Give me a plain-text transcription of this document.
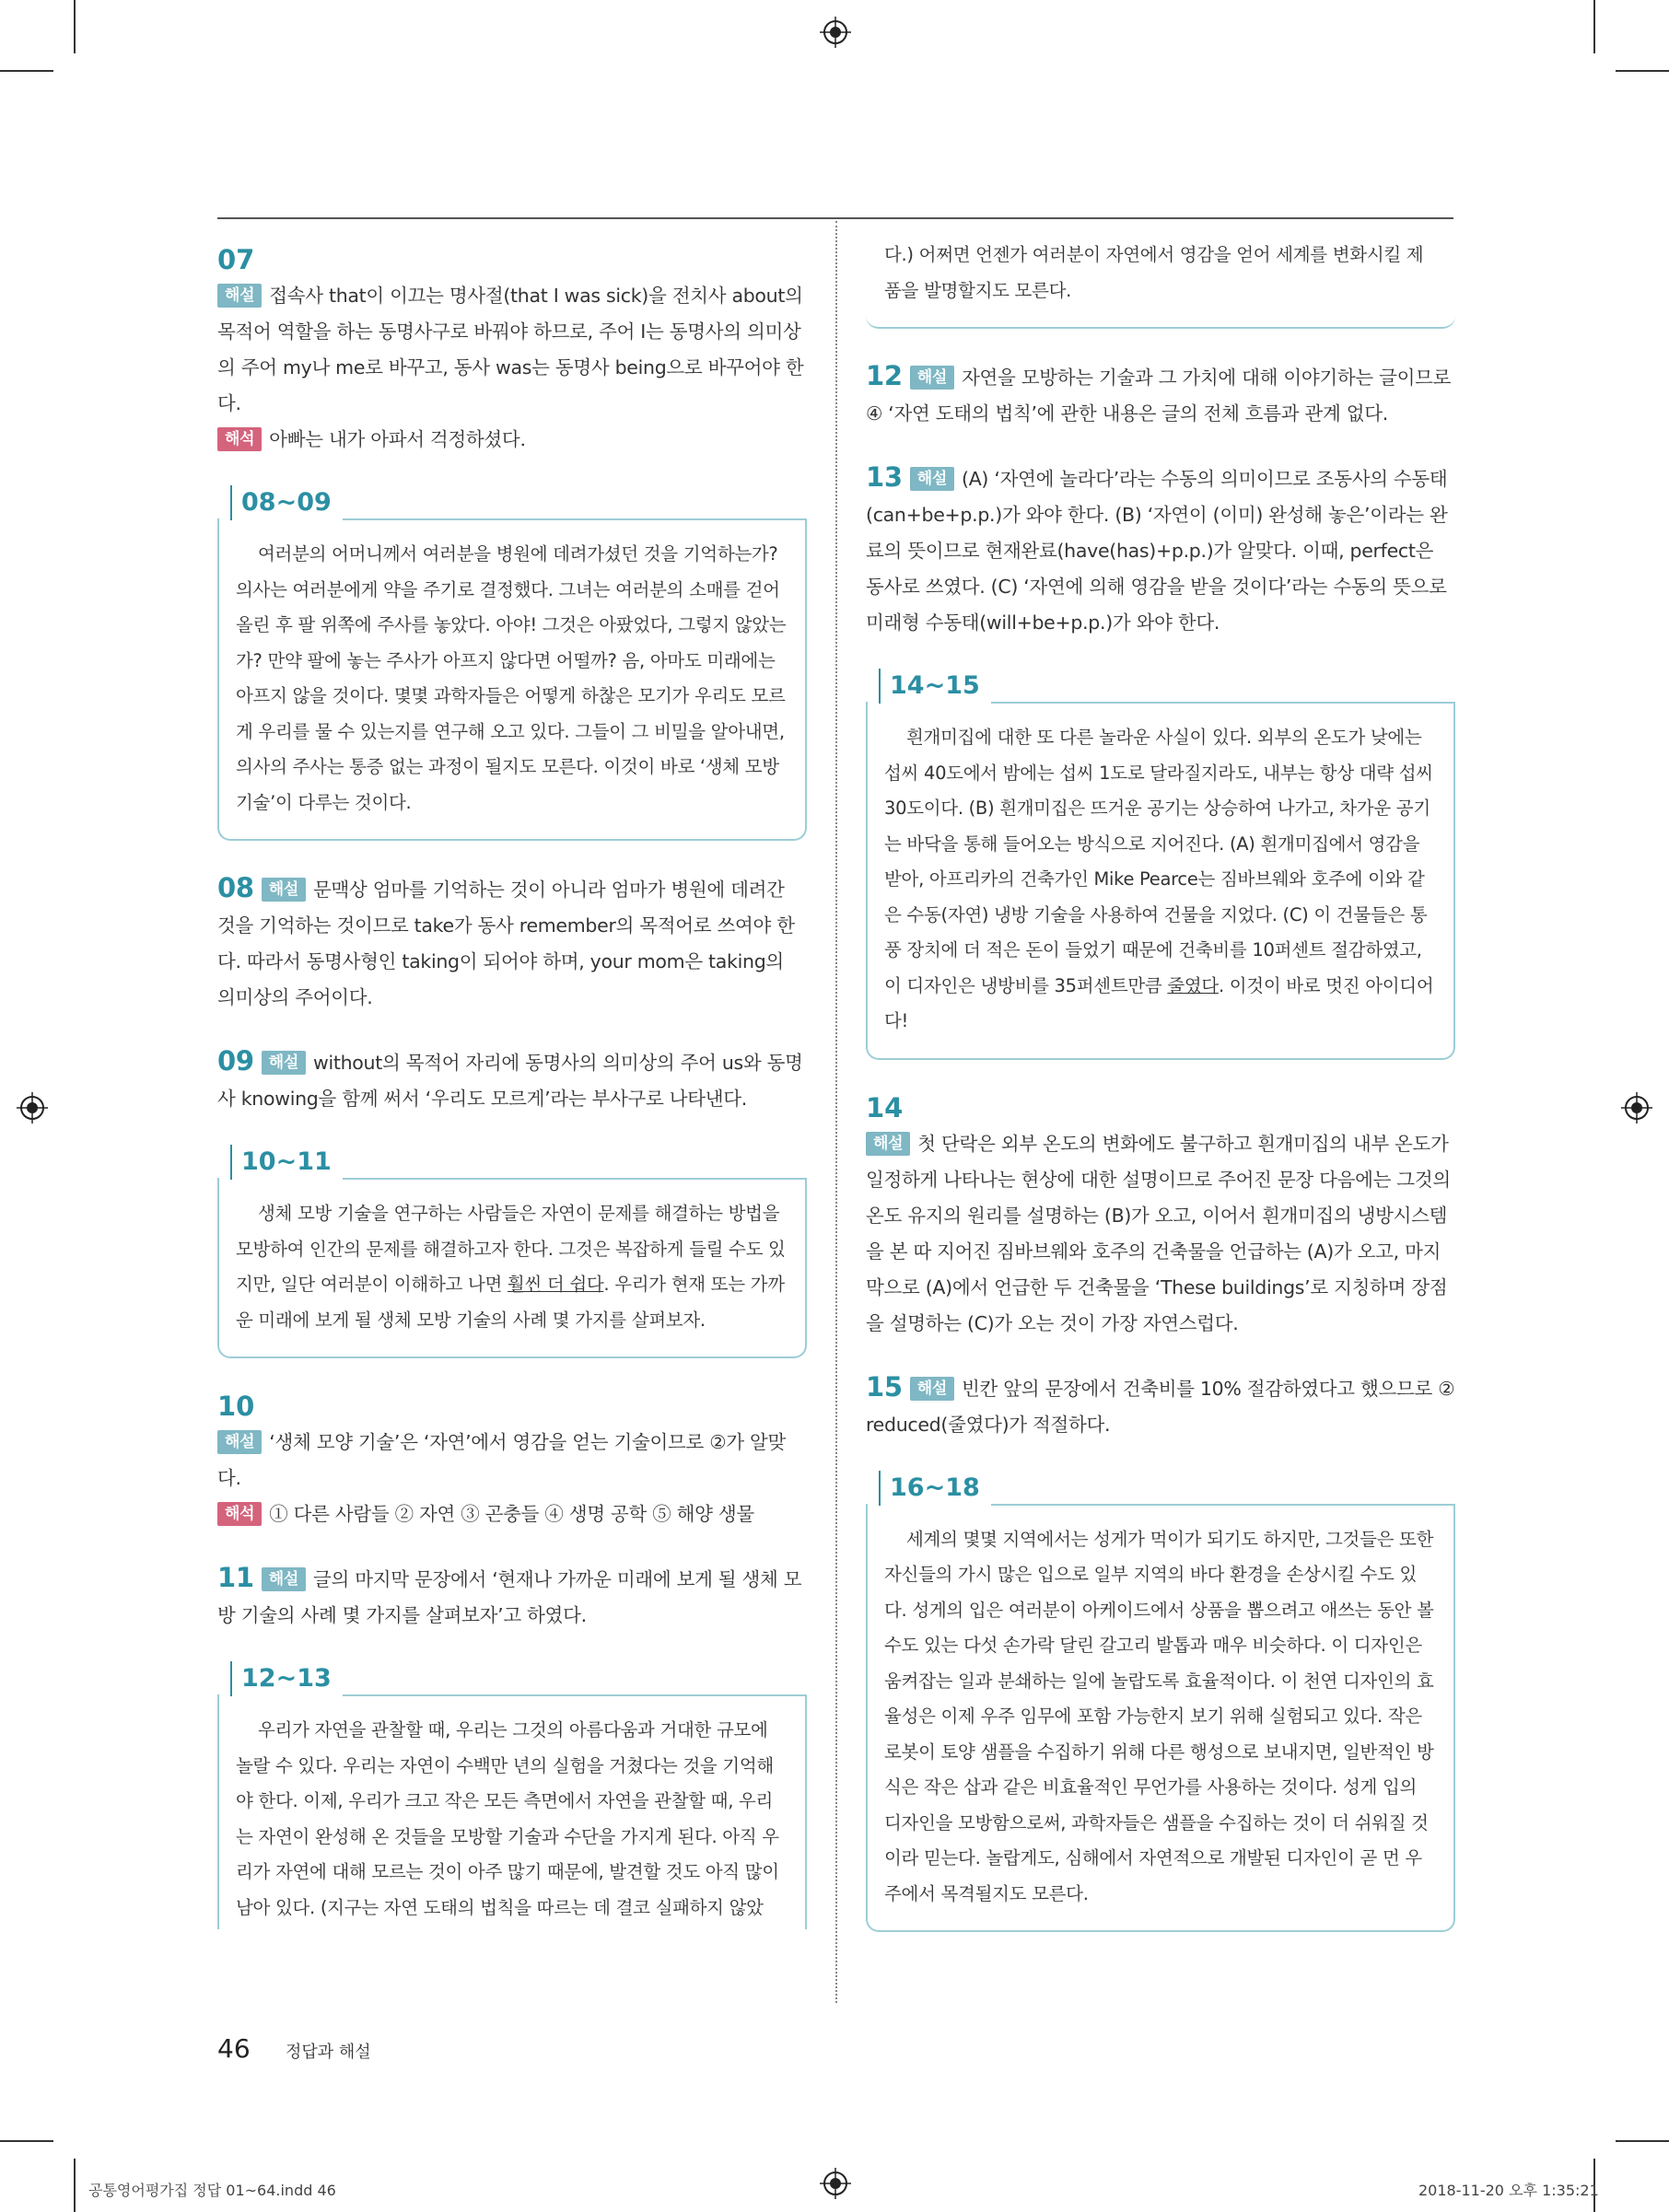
07

해설 접속사 that이 이끄는 명사절(that I was sick)을 전치사 about의 목적어 역할을 하는 동명사구로 바꿔야 하므로, 주어 I는 동명사의 의미상의 주어 my나 me로 바꾸고, 동사 was는 동명사 being으로 바꾸어야 한다.

해석 아빠는 내가 아파서 걱정하셨다.

08~09

여러분의 어머니께서 여러분을 병원에 데려가셨던 것을 기억하는가? 의사는 여러분에게 약을 주기로 결정했다. 그녀는 여러분의 소매를 걷어 올린 후 팔 위쪽에 주사를 놓았다. 아야! 그것은 아팠었다, 그렇지 않았는가? 만약 팔에 놓는 주사가 아프지 않다면 어떨까? 음, 아마도 미래에는 아프지 않을 것이다. 몇몇 과학자들은 어떻게 하찮은 모기가 우리도 모르게 우리를 물 수 있는지를 연구해 오고 있다. 그들이 그 비밀을 알아내면, 의사의 주사는 통증 없는 과정이 될지도 모른다. 이것이 바로 ‘생체 모방 기술’이 다루는 것이다.

08 해설 문맥상 엄마를 기억하는 것이 아니라 엄마가 병원에 데려간 것을 기억하는 것이므로 take가 동사 remember의 목적어로 쓰여야 한다. 따라서 동명사형인 taking이 되어야 하며, your mom은 taking의 의미상의 주어이다.

09 해설 without의 목적어 자리에 동명사의 의미상의 주어 us와 동명사 knowing을 함께 써서 ‘우리도 모르게’라는 부사구로 나타낸다.

10~11

생체 모방 기술을 연구하는 사람들은 자연이 문제를 해결하는 방법을 모방하여 인간의 문제를 해결하고자 한다. 그것은 복잡하게 들릴 수도 있지만, 일단 여러분이 이해하고 나면 훨씬 더 쉽다. 우리가 현재 또는 가까운 미래에 보게 될 생체 모방 기술의 사례 몇 가지를 살펴보자.

10

해설 ‘생체 모양 기술’은 ‘자연’에서 영감을 얻는 기술이므로 ②가 알맞다.

해석 ① 다른 사람들 ② 자연 ③ 곤충들 ④ 생명 공학 ⑤ 해양 생물

11 해설 글의 마지막 문장에서 ‘현재나 가까운 미래에 보게 될 생체 모방 기술의 사례 몇 가지를 살펴보자’고 하였다.

12~13

우리가 자연을 관찰할 때, 우리는 그것의 아름다움과 거대한 규모에 놀랄 수 있다. 우리는 자연이 수백만 년의 실험을 거쳤다는 것을 기억해야 한다. 이제, 우리가 크고 작은 모든 측면에서 자연을 관찰할 때, 우리는 자연이 완성해 온 것들을 모방할 기술과 수단을 가지게 된다. 아직 우리가 자연에 대해 모르는 것이 아주 많기 때문에, 발견할 것도 아직 많이 남아 있다. (지구는 자연 도태의 법칙을 따르는 데 결코 실패하지 않았

다.) 어쩌면 언젠가 여러분이 자연에서 영감을 얻어 세계를 변화시킬 제품을 발명할지도 모른다.

12 해설 자연을 모방하는 기술과 그 가치에 대해 이야기하는 글이므로 ④ ‘자연 도태의 법칙’에 관한 내용은 글의 전체 흐름과 관계 없다.

13 해설 (A) ‘자연에 놀라다’라는 수동의 의미이므로 조동사의 수동태(can+be+p.p.)가 와야 한다. (B) ‘자연이 (이미) 완성해 놓은’이라는 완료의 뜻이므로 현재완료(have(has)+p.p.)가 알맞다. 이때, perfect은 동사로 쓰였다. (C) ‘자연에 의해 영감을 받을 것이다’라는 수동의 뜻으로 미래형 수동태(will+be+p.p.)가 와야 한다.

14~15

흰개미집에 대한 또 다른 놀라운 사실이 있다. 외부의 온도가 낮에는 섭씨 40도에서 밤에는 섭씨 1도로 달라질지라도, 내부는 항상 대략 섭씨 30도이다. (B) 흰개미집은 뜨거운 공기는 상승하여 나가고, 차가운 공기는 바닥을 통해 들어오는 방식으로 지어진다. (A) 흰개미집에서 영감을 받아, 아프리카의 건축가인 Mike Pearce는 짐바브웨와 호주에 이와 같은 수동(자연) 냉방 기술을 사용하여 건물을 지었다. (C) 이 건물들은 통풍 장치에 더 적은 돈이 들었기 때문에 건축비를 10퍼센트 절감하였고, 이 디자인은 냉방비를 35퍼센트만큼 줄였다. 이것이 바로 멋진 아이디어다!

14

해설 첫 단락은 외부 온도의 변화에도 불구하고 흰개미집의 내부 온도가 일정하게 나타나는 현상에 대한 설명이므로 주어진 문장 다음에는 그것의 온도 유지의 원리를 설명하는 (B)가 오고, 이어서 흰개미집의 냉방시스템을 본 따 지어진 짐바브웨와 호주의 건축물을 언급하는 (A)가 오고, 마지막으로 (A)에서 언급한 두 건축물을 ‘These buildings’로 지칭하며 장점을 설명하는 (C)가 오는 것이 가장 자연스럽다.

15 해설 빈칸 앞의 문장에서 건축비를 10% 절감하였다고 했으므로 ② reduced(줄였다)가 적절하다.

16~18

세계의 몇몇 지역에서는 성게가 먹이가 되기도 하지만, 그것들은 또한 자신들의 가시 많은 입으로 일부 지역의 바다 환경을 손상시킬 수도 있다. 성게의 입은 여러분이 아케이드에서 상품을 뽑으려고 애쓰는 동안 볼 수도 있는 다섯 손가락 달린 갈고리 발톱과 매우 비슷하다. 이 디자인은 움켜잡는 일과 분쇄하는 일에 놀랍도록 효율적이다. 이 천연 디자인의 효율성은 이제 우주 임무에 포함 가능한지 보기 위해 실험되고 있다. 작은 로봇이 토양 샘플을 수집하기 위해 다른 행성으로 보내지면, 일반적인 방식은 작은 삽과 같은 비효율적인 무언가를 사용하는 것이다. 성게 입의 디자인을 모방함으로써, 과학자들은 샘플을 수집하는 것이 더 쉬워질 것이라 믿는다. 놀랍게도, 심해에서 자연적으로 개발된 디자인이 곧 먼 우주에서 목격될지도 모른다.

46 정답과 해설
공통영어평가집 정답 01~64.indd 46	2018-11-20 오후 1:35:21
